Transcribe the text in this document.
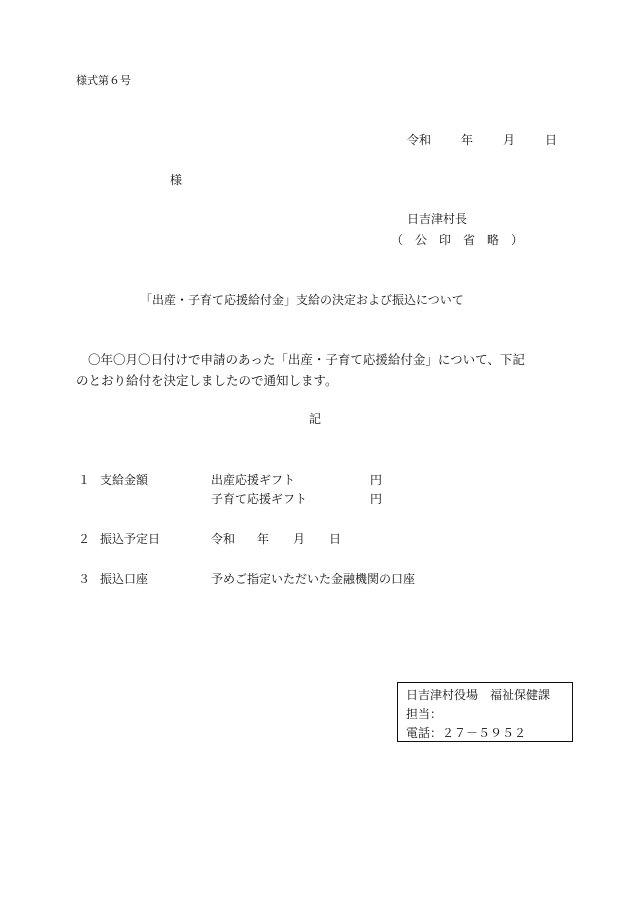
様式第６号
令和	年	月	日
様
日吉津村長
（　公　印　省　略　）
「出産・子育て応援給付金」支給の決定および振込について
〇年〇月〇日付けで申請のあった「出産・子育て応援給付金」について、下記
のとおり給付を決定しましたので通知します。
記
１ 支給金額	出産応援ギフト	円
子育て応援ギフト	円
２ 振込予定日	令和 年 月 日
３ 振込口座	予めご指定いただいた金融機関の口座
日吉津村役場　福祉保健課
担当：
電話：２７－５９５２
